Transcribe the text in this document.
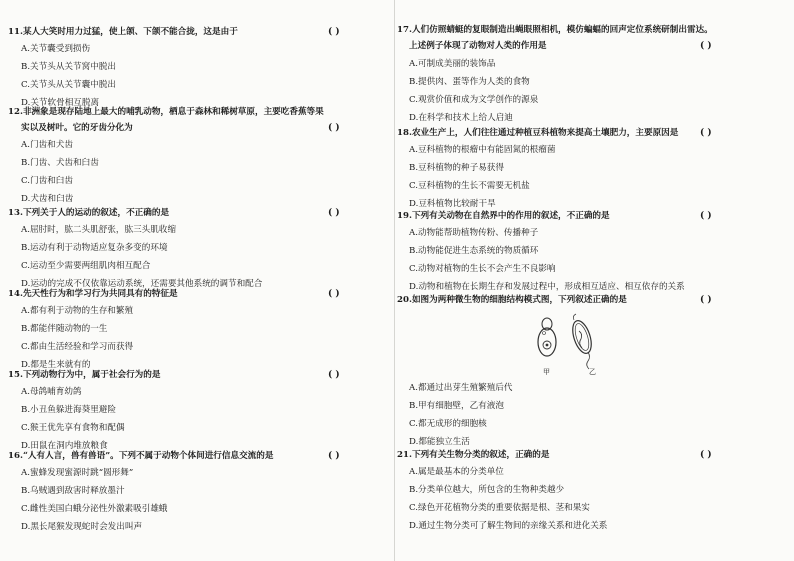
11.某人大笑时用力过猛，使上颌、下颌不能合拢，这是由于	( )
A.关节囊受到损伤
B.关节头从关节窝中脱出
C.关节头从关节囊中脱出
D.关节软骨相互脱离
12.非洲象是现存陆地上最大的哺乳动物，栖息于森林和稀树草原，主要吃香蕉等果
实以及树叶。它的牙齿分化为	( )
A.门齿和犬齿
B.门齿、犬齿和臼齿
C.门齿和臼齿
D.犬齿和臼齿
13.下列关于人的运动的叙述，不正确的是	( )
A.屈肘时，肱二头肌舒张，肱三头肌收缩
B.运动有利于动物适应复杂多变的环境
C.运动至少需要两组肌肉相互配合
D.运动的完成不仅依靠运动系统，还需要其他系统的调节和配合
14.先天性行为和学习行为共同具有的特征是	( )
A.都有利于动物的生存和繁殖
B.都能伴随动物的一生
C.都由生活经验和学习而获得
D.都是生来就有的
15.下列动物行为中，属于社会行为的是	( )
A.母鸽哺育幼鸽
B.小丑鱼躲进海葵里避险
C.猴王优先享有食物和配偶
D.田鼠在洞内堆放粮食
16.“人有人言，兽有兽语”。下列不属于动物个体间进行信息交流的是	( )
A.蜜蜂发现蜜源时跳“圆形舞”
B.乌贼遇到敌害时释放墨汁
C.雌性美国白蛾分泌性外激素吸引雄蛾
D.黑长尾猴发现蛇时会发出叫声
17.人们仿照蜻蜓的复眼制造出蝇眼照相机，模仿蝙蝠的回声定位系统研制出雷达。
上述例子体现了动物对人类的作用是	( )
A.可制成美丽的装饰品
B.提供肉、蛋等作为人类的食物
C.观赏价值和成为文学创作的源泉
D.在科学和技术上给人启迪
18.农业生产上，人们往往通过种植豆科植物来提高土壤肥力，主要原因是 ( )
A.豆科植物的根瘤中有能固氮的根瘤菌
B.豆科植物的种子易获得
C.豆科植物的生长不需要无机盐
D.豆科植物比较耐干旱
19.下列有关动物在自然界中的作用的叙述，不正确的是	( )
A.动物能帮助植物传粉、传播种子
B.动物能促进生态系统的物质循环
C.动物对植物的生长不会产生不良影响
D.动物和植物在长期生存和发展过程中，形成相互适应、相互依存的关系
20.如图为两种微生物的细胞结构模式图，下列叙述正确的是	( )
甲	乙
A.都通过出芽生殖繁殖后代
B.甲有细胞壁，乙有液泡
C.都无成形的细胞核
D.都能独立生活
21.下列有关生物分类的叙述，正确的是	( )
A.属是最基本的分类单位
B.分类单位越大，所包含的生物种类越少
C.绿色开花植物分类的重要依据是根、茎和果实
D.通过生物分类可了解生物间的亲缘关系和进化关系
